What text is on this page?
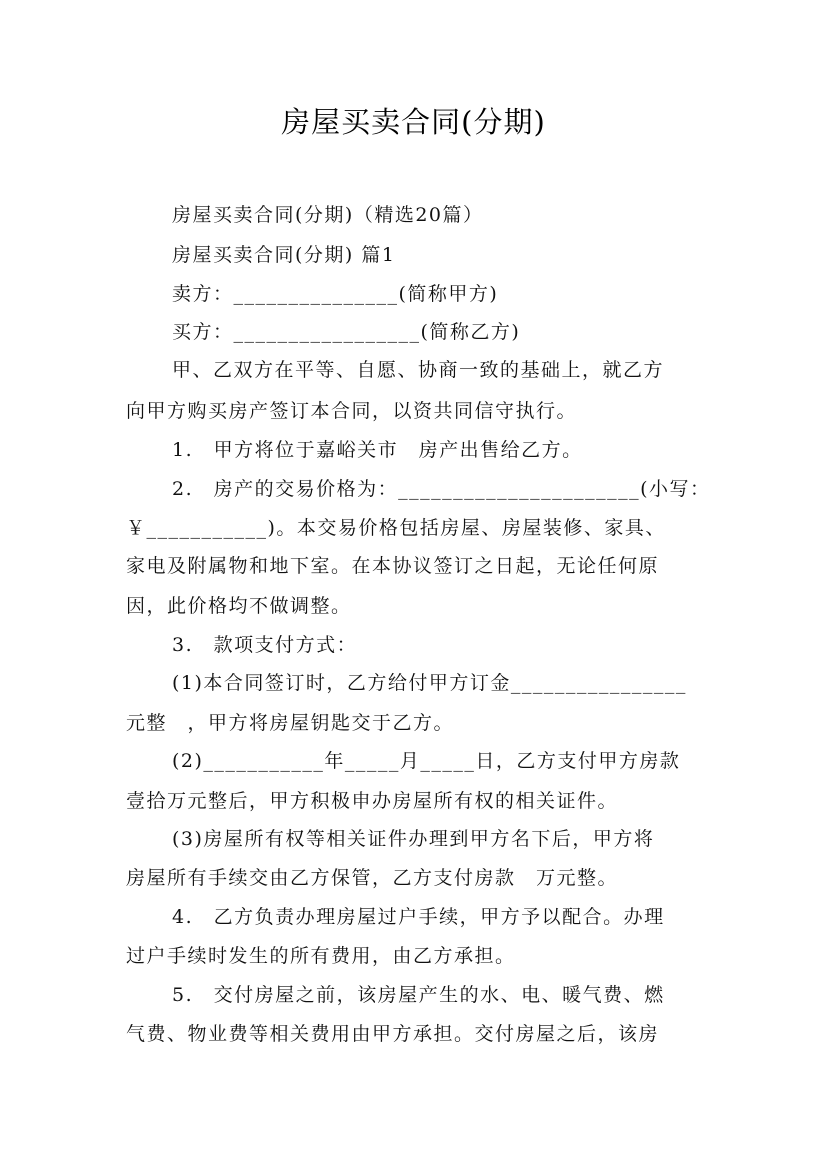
房屋买卖合同(分期)
房屋买卖合同(分期)（精选20篇）
房屋买卖合同(分期) 篇1
卖方：_______________(简称甲方)
买方：_________________(简称乙方)
甲、乙双方在平等、自愿、协商一致的基础上，就乙方
向甲方购买房产签订本合同，以资共同信守执行。
1.　甲方将位于嘉峪关市　房产出售给乙方。
2.　房产的交易价格为：______________________(小写：
￥___________)。本交易价格包括房屋、房屋装修、家具、
家电及附属物和地下室。在本协议签订之日起，无论任何原
因，此价格均不做调整。
3.　款项支付方式：
(1)本合同签订时，乙方给付甲方订金________________
元整　，甲方将房屋钥匙交于乙方。
(2)___________年_____月_____日，乙方支付甲方房款
壹拾万元整后，甲方积极申办房屋所有权的相关证件。
(3)房屋所有权等相关证件办理到甲方名下后，甲方将
房屋所有手续交由乙方保管，乙方支付房款　万元整。
4.　乙方负责办理房屋过户手续，甲方予以配合。办理
过户手续时发生的所有费用，由乙方承担。
5.　交付房屋之前，该房屋产生的水、电、暖气费、燃
气费、物业费等相关费用由甲方承担。交付房屋之后，该房
